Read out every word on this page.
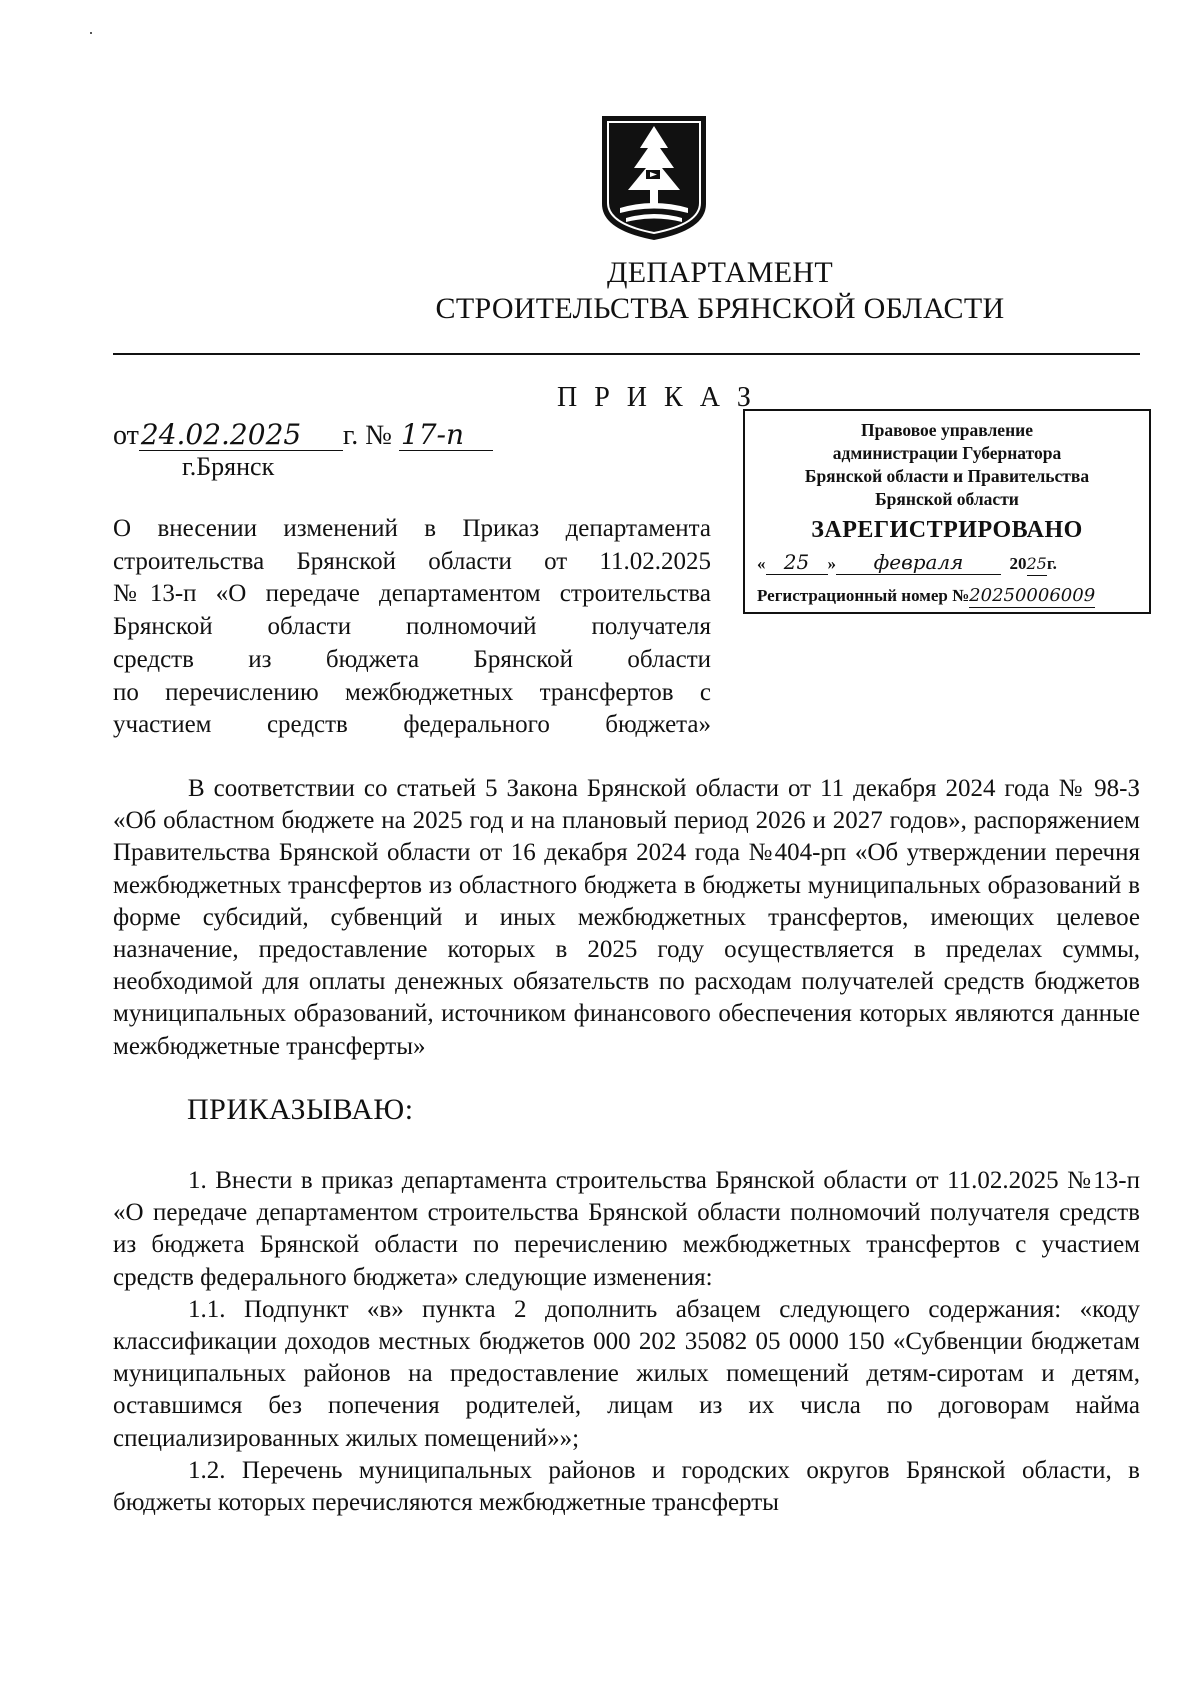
ДЕПАРТАМЕНТ
СТРОИТЕЛЬСТВА БРЯНСКОЙ ОБЛАСТИ
П Р И К А З
от24.02.2025 г. № 17-п
г.Брянск
Правовое управление
администрации Губернатора
Брянской области и Правительства
Брянской области
ЗАРЕГИСТРИРОВАНО
« 25 » февраля	2025г.
Регистрационный номер №20250006009
О внесении изменений в Приказ департамента
строительства Брянской области от 11.02.2025
№13-п «О передаче департаментом строительства
Брянской области полномочий получателя
средств из бюджета Брянской области
по перечислению межбюджетных трансфертов с
участием средств федерального бюджета»

В соответствии со статьей 5 Закона Брянской области от 11 декабря 2024 года № 98-З «Об областном бюджете на 2025 год и на плановый период 2026 и 2027 годов», распоряжением Правительства Брянской области от 16 декабря 2024 года №404-рп «Об утверждении перечня межбюджетных трансфертов из областного бюджета в бюджеты муниципальных образований в форме субсидий, субвенций и иных межбюджетных трансфертов, имеющих целевое назначение, предоставление которых в 2025 году осуществляется в пределах суммы, необходимой для оплаты денежных обязательств по расходам получателей средств бюджетов муниципальных образований, источником финансового обеспечения которых являются данные межбюджетные трансферты»

ПРИКАЗЫВАЮ:

1. Внести в приказ департамента строительства Брянской области от 11.02.2025 №13-п «О передаче департаментом строительства Брянской области полномочий получателя средств из бюджета Брянской области по перечислению межбюджетных трансфертов с участием средств федерального бюджета» следующие изменения:

1.1. Подпункт «в» пункта 2 дополнить абзацем следующего содержания: «коду классификации доходов местных бюджетов 000 202 35082 05 0000 150 «Субвенции бюджетам муниципальных районов на предоставление жилых помещений детям-сиротам и детям, оставшимся без попечения родителей, лицам из их числа по договорам найма специализированных жилых помещений»»;

1.2. Перечень муниципальных районов и городских округов Брянской области, в бюджеты которых перечисляются межбюджетные трансферты
